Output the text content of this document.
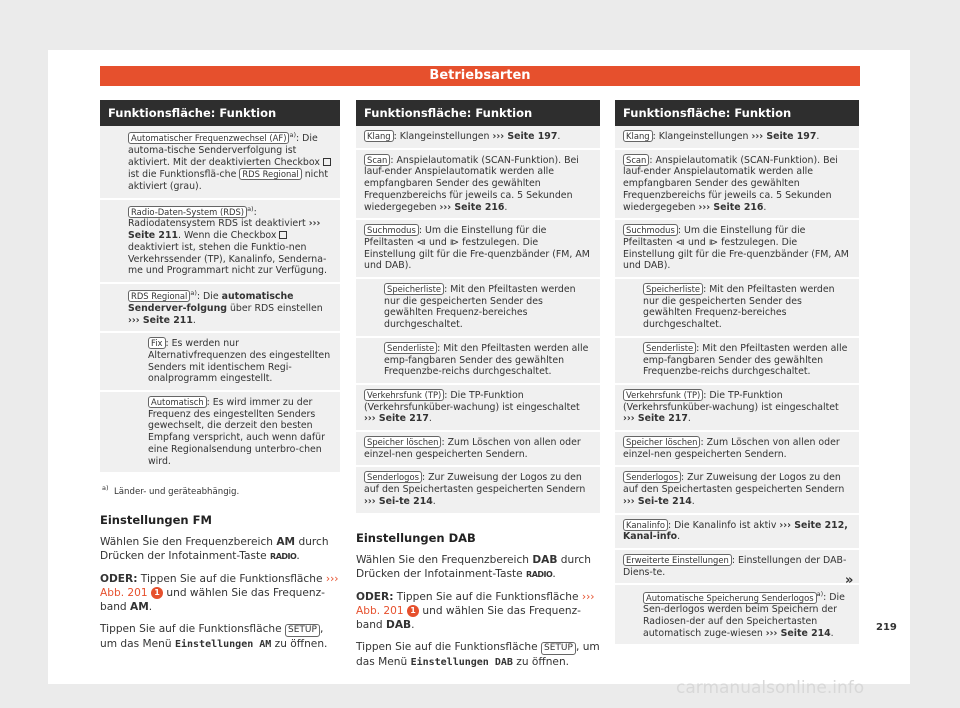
Betriebsarten
Funktionsfläche: Funktion
Automatischer Frequenzwechsel (AF) $^{a)}$: Die automa-tische Senderverfolgung ist aktiviert. Mit der deaktivierten Checkbox  ist die Funktionsflä-che RDS Regional nicht aktiviert (grau).
Radio-Daten-System (RDS) $^{a)}$: Radiodatensystem RDS ist deaktiviert ››› Seite 211. Wenn die Checkbox  deaktiviert ist, stehen die Funktio-nen Verkehrssender (TP), Kanalinfo, Senderna-me und Programmart nicht zur Verfügung.
RDS Regional $^{a)}$: Die automatische Senderver-folgung über RDS einstellen ››› Seite 211.
Fix : Es werden nur Alternativfrequenzen des eingestellten Senders mit identischem Regi-onalprogramm eingestellt.
Automatisch : Es wird immer zu der Frequenz des eingestellten Senders gewechselt, die derzeit den besten Empfang verspricht, auch wenn dafür eine Regionalsendung unterbro-chen wird.
$^{a)}$ Länder- und geräteabhängig.
Einstellungen FM
Wählen Sie den Frequenzbereich AM durch Drücken der Infotainment-Taste RADIO.
ODER: Tippen Sie auf die Funktionsfläche ››› Abb. 201 1 und wählen Sie das Frequenz-band AM.
Tippen Sie auf die Funktionsfläche SETUP , um das Menü Einstellungen AM zu öffnen.
Funktionsfläche: Funktion
Klang : Klangeinstellungen ››› Seite 197.
Scan : Anspielautomatik (SCAN-Funktion). Bei lauf-ender Anspielautomatik werden alle empfangbaren Sender des gewählten Frequenzbereichs für jeweils ca. 5 Sekunden wiedergegeben ››› Seite 216.
Suchmodus : Um die Einstellung für die Pfeiltasten ⧏ und ⧐ festzulegen. Die Einstellung gilt für die Fre-quenzbänder (FM, AM und DAB).
Speicherliste : Mit den Pfeiltasten werden nur die gespeicherten Sender des gewählten Frequenz-bereiches durchgeschaltet.
Senderliste : Mit den Pfeiltasten werden alle emp-fangbaren Sender des gewählten Frequenzbe-reichs durchgeschaltet.
Verkehrsfunk (TP) : Die TP-Funktion (Verkehrsfunküber-wachung) ist eingeschaltet ››› Seite 217.
Speicher löschen : Zum Löschen von allen oder einzel-nen gespeicherten Sendern.
Senderlogos : Zur Zuweisung der Logos zu den auf den Speichertasten gespeicherten Sendern ››› Sei-te 214.
Einstellungen DAB
Wählen Sie den Frequenzbereich DAB durch Drücken der Infotainment-Taste RADIO.
ODER: Tippen Sie auf die Funktionsfläche ››› Abb. 201 1 und wählen Sie das Frequenz-band DAB.
Tippen Sie auf die Funktionsfläche SETUP , um das Menü Einstellungen DAB zu öffnen.
Funktionsfläche: Funktion
Klang : Klangeinstellungen ››› Seite 197.
Scan : Anspielautomatik (SCAN-Funktion). Bei lauf-ender Anspielautomatik werden alle empfangbaren Sender des gewählten Frequenzbereichs für jeweils ca. 5 Sekunden wiedergegeben ››› Seite 216.
Suchmodus : Um die Einstellung für die Pfeiltasten ⧏ und ⧐ festzulegen. Die Einstellung gilt für die Fre-quenzbänder (FM, AM und DAB).
Speicherliste : Mit den Pfeiltasten werden nur die gespeicherten Sender des gewählten Frequenz-bereiches durchgeschaltet.
Senderliste : Mit den Pfeiltasten werden alle emp-fangbaren Sender des gewählten Frequenzbe-reichs durchgeschaltet.
Verkehrsfunk (TP) : Die TP-Funktion (Verkehrsfunküber-wachung) ist eingeschaltet ››› Seite 217.
Speicher löschen : Zum Löschen von allen oder einzel-nen gespeicherten Sendern.
Senderlogos : Zur Zuweisung der Logos zu den auf den Speichertasten gespeicherten Sendern ››› Sei-te 214.
Kanalinfo : Die Kanalinfo ist aktiv ››› Seite 212, Kanal-info.
Erweiterte Einstellungen : Einstellungen der DAB-Diens-te.
Automatische Speicherung Senderlogos $^{a)}$: Die Sen-derlogos werden beim Speichern der Radiosen-der auf den Speichertasten automatisch zuge-wiesen ››› Seite 214.
»
219
carmanualsonline.info
